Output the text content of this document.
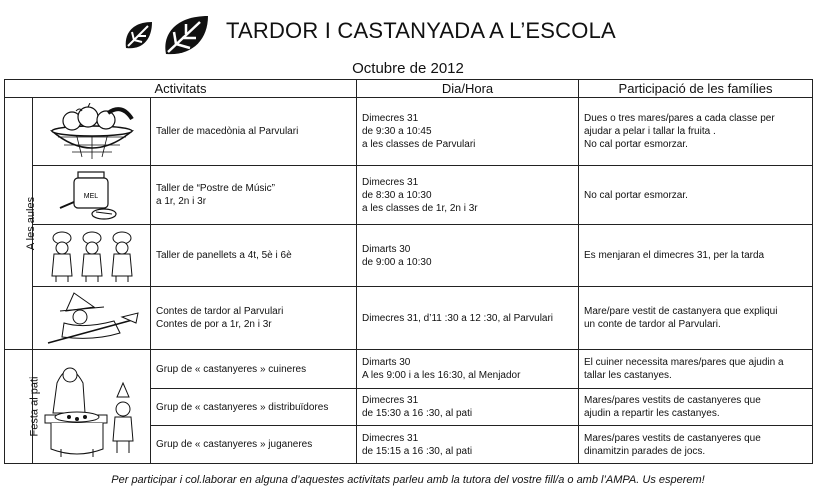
TARDOR I CASTANYADA A L’ESCOLA
Octubre de 2012
Activitats			Dia/Hora	Participació de les famílies
A les aules		Taller de macedònia al Parvulari	Dimecres 31
de 9:30 a 10:45
a les classes de Parvulari	Dues o tres mares/pares a cada classe per
ajudar a pelar i tallar la fruita .
No cal portar esmorzar.

MEL	Taller de “Postre de Músic”
a 1r, 2n i 3r	Dimecres 31
de 8:30 a 10:30
a les classes de 1r, 2n i 3r	No cal portar esmorzar.

Taller de panellets a 4t, 5è i 6è	Dimarts 30
de 9:00 a 10:30	Es menjaran el dimecres 31, per la tarda

Contes de tardor al Parvulari
Contes de por a 1r, 2n i 3r	Dimecres 31, d’11 :30 a 12 :30, al Parvulari	Mare/pare vestit de castanyera que expliqui
un conte de tardor al Parvulari.

Festa al pati		Grup de « castanyeres » cuineres	Dimarts 30
A les 9:00 i a les 16:30, al Menjador	El cuiner necessita mares/pares que ajudin a
tallar les castanyes.

		Grup de « castanyeres » distribuïdores	Dimecres 31
de 15:30 a 16 :30, al pati	Mares/pares vestits de castanyeres que
ajudin a repartir les castanyes.

		Grup de « castanyeres » juganeres	Dimecres 31
de 15:15 a 16 :30, al pati	Mares/pares vestits de castanyeres que
dinamitzin parades de jocs.
Per participar i col.laborar en alguna d’aquestes activitats parleu amb la tutora del vostre fill/a o amb l’AMPA. Us esperem!
